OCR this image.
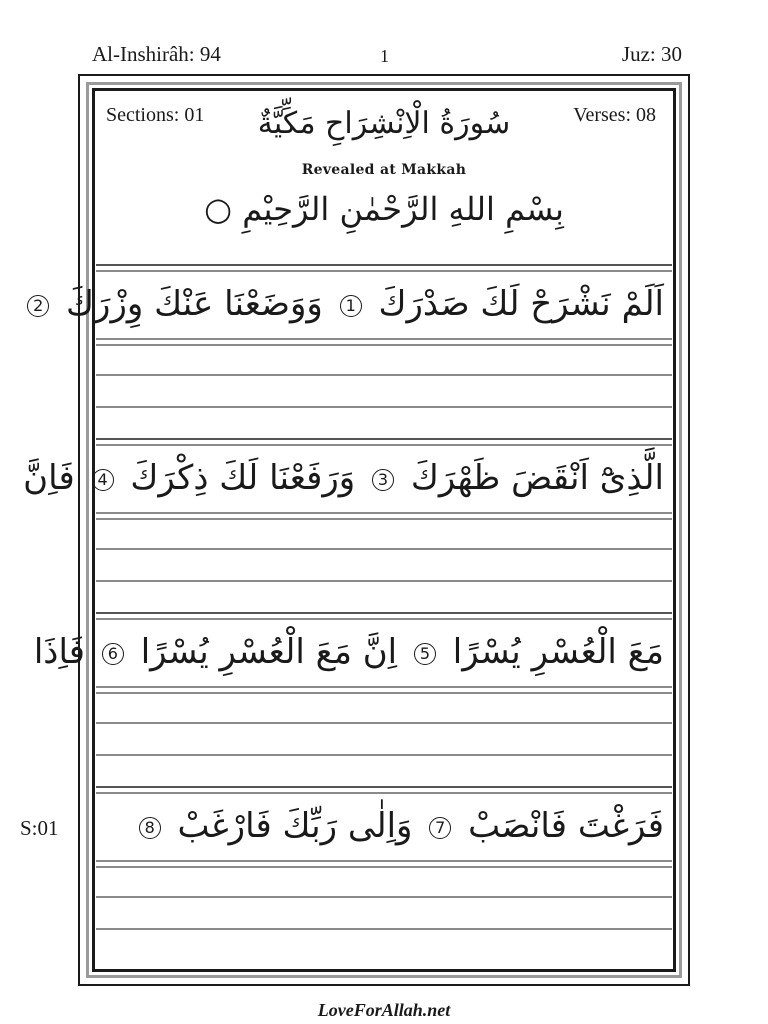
Al-Inshirâh: 94	1	Juz: 30
Sections: 01	Verses: 08
سُورَةُ الْاِنْشِرَاحِ مَكِّيَّةٌ
Revealed at Makkah
بِسْمِ اللهِ الرَّحْمٰنِ الرَّحِيْمِ ○
اَلَمْ نَشْرَحْ لَكَ صَدْرَكَ 1 وَوَضَعْنَا عَنْكَ وِزْرَكَ 2
الَّذِىْٓ اَنْقَضَ ظَهْرَكَ 3 وَرَفَعْنَا لَكَ ذِكْرَكَ 4 فَاِنَّ
مَعَ الْعُسْرِ يُسْرًا 5 اِنَّ مَعَ الْعُسْرِ يُسْرًا 6 فَاِذَا
فَرَغْتَ فَانْصَبْ 7 وَاِلٰى رَبِّكَ فَارْغَبْ 8
S:01
LoveForAllah.net
